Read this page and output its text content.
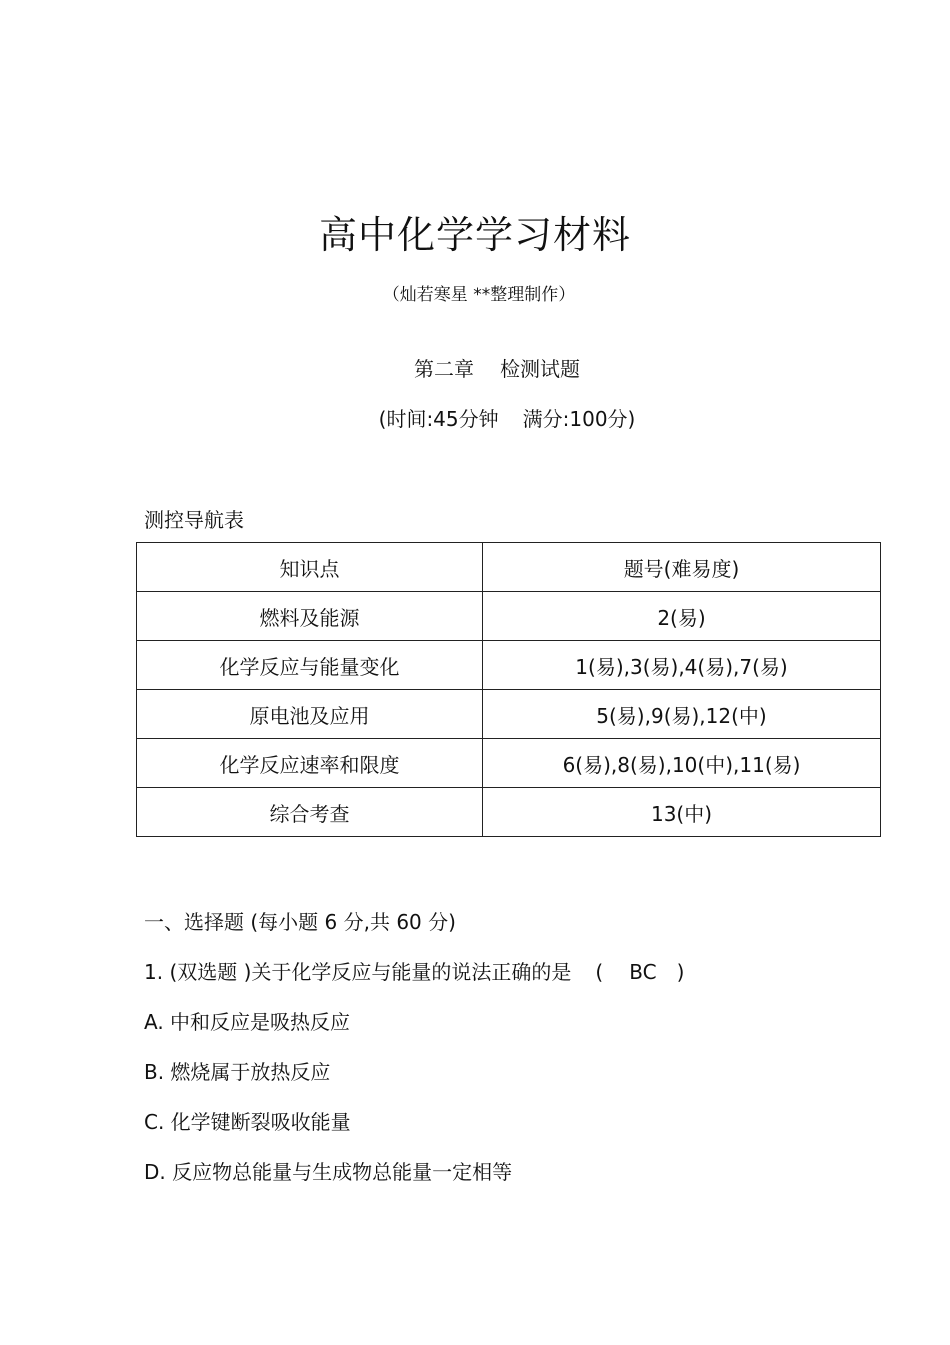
高中化学学习材料
（灿若寒星 **整理制作）
第二章 检测试题
(时间:45分钟 满分:100分)
测控导航表
知识点	题号(难易度)
燃料及能源	2(易)
化学反应与能量变化	1(易),3(易),4(易),7(易)
原电池及应用	5(易),9(易),12(中)
化学反应速率和限度	6(易),8(易),10(中),11(易)
综合考查	13(中)
一、选择题 (每小题 6 分,共 60 分)
1. (双选题 )关于化学反应与能量的说法正确的是 ( BC )
A. 中和反应是吸热反应
B. 燃烧属于放热反应
C. 化学键断裂吸收能量
D. 反应物总能量与生成物总能量一定相等
